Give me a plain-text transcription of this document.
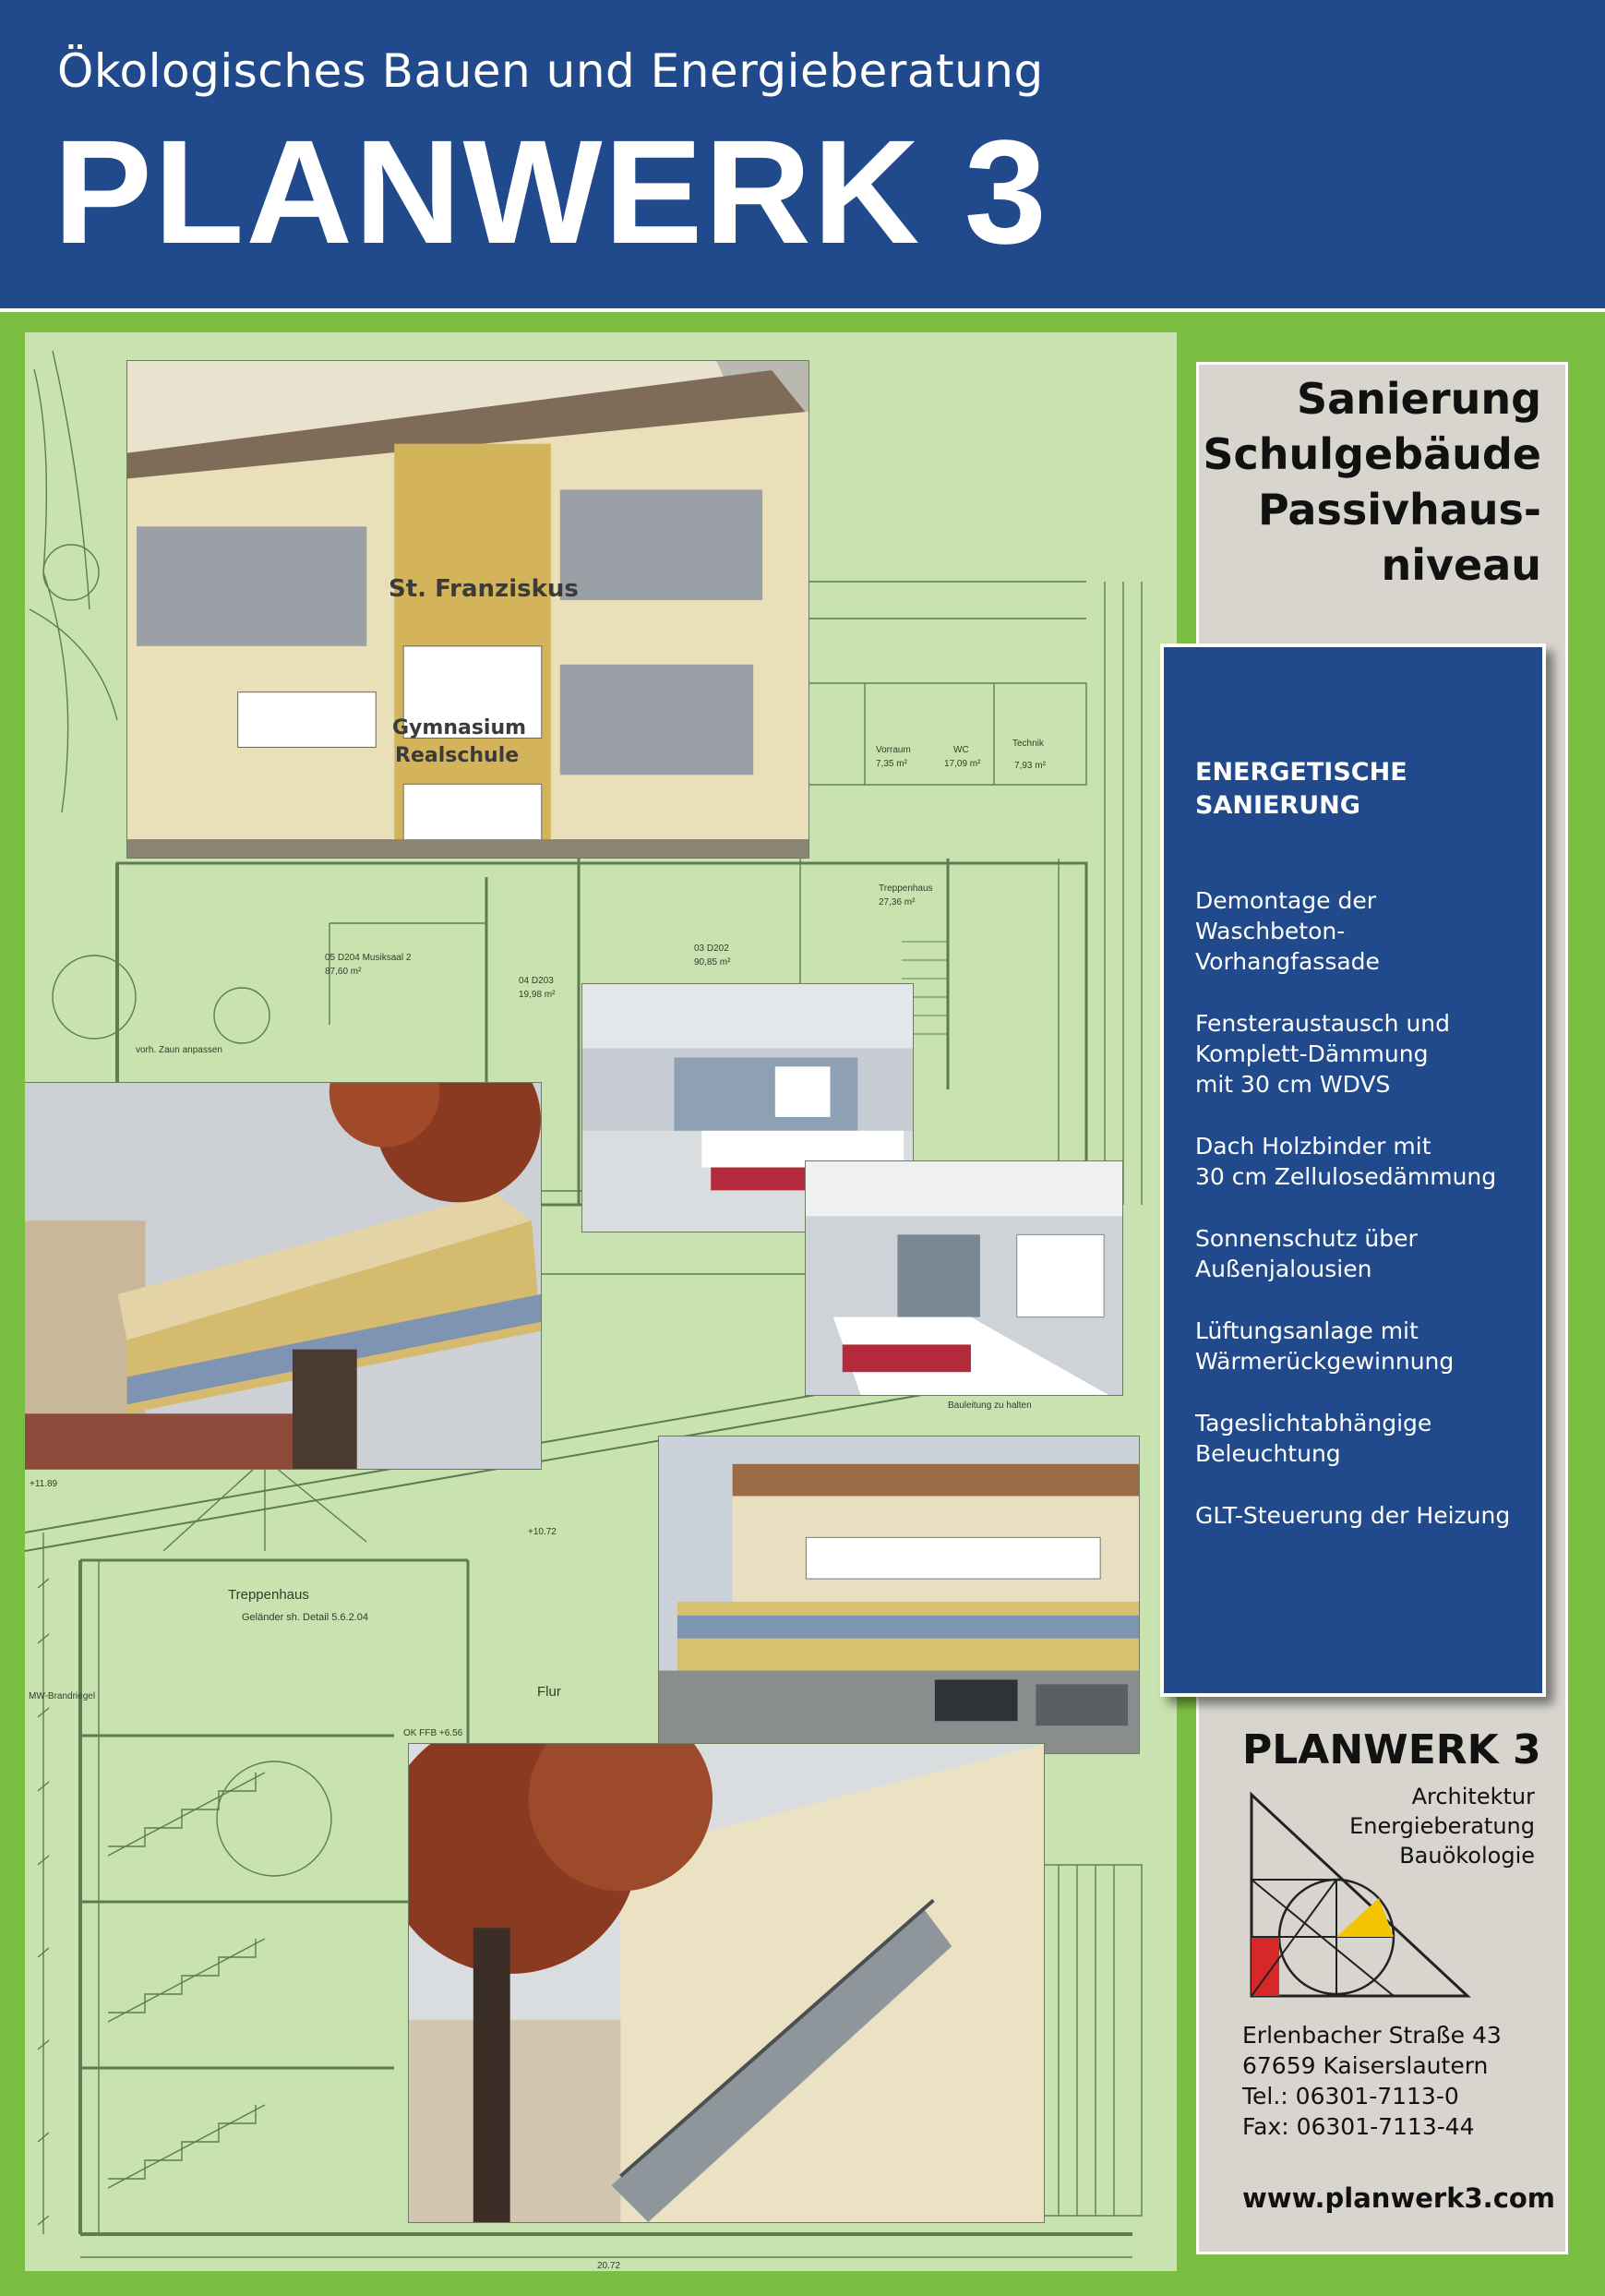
Ökologisches Bauen und Energieberatung
PLANWERK 3
05 D204 Musiksaal 2
87,60 m²
04 D203
19,98 m²
03 D202
90,85 m²
Treppenhaus
27,36 m²
WC
17,09 m²
Vorraum
7,35 m²
Technik
7,93 m²
vorh. Zaun anpassen
Bauleitung zu halten
MW-Brandriegel
+11.89
+10.72
Geländer sh. Detail 5.6.2.04
OK FFB +6.56
20.72
Treppenhaus
Flur
St. Franziskus
Gymnasium
Realschule
Sanierung
Schulgebäude
Passivhaus-
niveau
ENERGETISCHE
SANIERUNG
Demontage der
Waschbeton-
Vorhangfassade
Fensteraustausch und
Komplett-Dämmung
mit 30 cm WDVS
Dach Holzbinder mit
30 cm Zellulosedämmung
Sonnenschutz über
Außenjalousien
Lüftungsanlage mit
Wärmerückgewinnung
Tageslichtabhängige
Beleuchtung
GLT-Steuerung der Heizung
PLANWERK 3
Architektur
Energieberatung
Bauökologie
Erlenbacher Straße 43
67659 Kaiserslautern
Tel.: 06301-7113-0
Fax: 06301-7113-44
www.planwerk3.com
